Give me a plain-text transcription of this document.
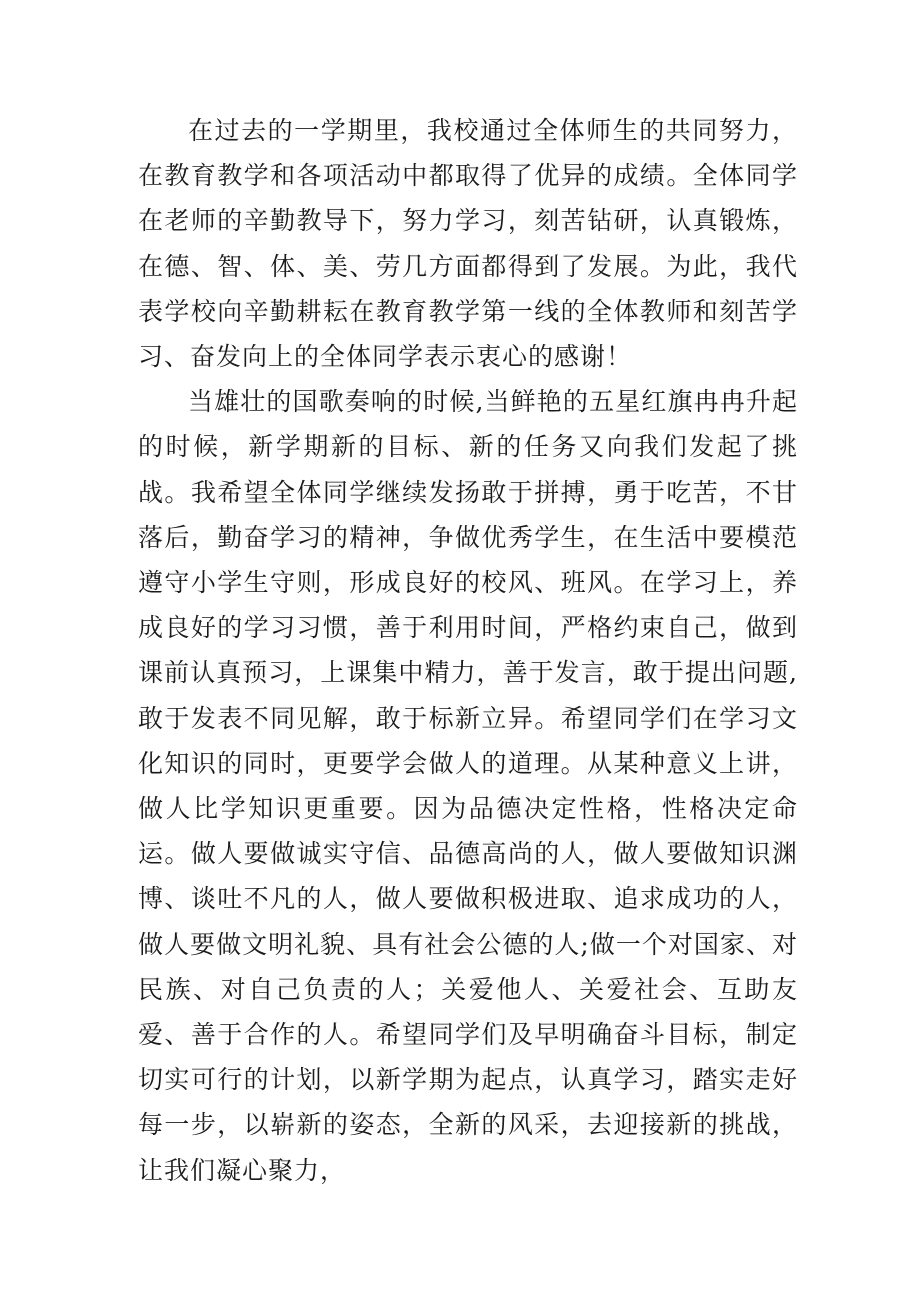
在过去的一学期里，我校通过全体师生的共同努力，在教育教学和各项活动中都取得了优异的成绩。全体同学在老师的辛勤教导下，努力学习，刻苦钻研，认真锻炼，在德、智、体、美、劳几方面都得到了发展。为此，我代表学校向辛勤耕耘在教育教学第一线的全体教师和刻苦学习、奋发向上的全体同学表示衷心的感谢！

当雄壮的国歌奏响的时候,当鲜艳的五星红旗冉冉升起的时候，新学期新的目标、新的任务又向我们发起了挑战。我希望全体同学继续发扬敢于拼搏，勇于吃苦，不甘落后，勤奋学习的精神，争做优秀学生，在生活中要模范遵守小学生守则，形成良好的校风、班风。在学习上，养成良好的学习习惯，善于利用时间，严格约束自己，做到课前认真预习，上课集中精力，善于发言，敢于提出问题,敢于发表不同见解，敢于标新立异。希望同学们在学习文化知识的同时，更要学会做人的道理。从某种意义上讲，做人比学知识更重要。因为品德决定性格，性格决定命运。做人要做诚实守信、品德高尚的人，做人要做知识渊博、谈吐不凡的人，做人要做积极进取、追求成功的人，做人要做文明礼貌、具有社会公德的人;做一个对国家、对民族、对自己负责的人；关爱他人、关爱社会、互助友爱、善于合作的人。希望同学们及早明确奋斗目标，制定切实可行的计划，以新学期为起点，认真学习，踏实走好每一步，以崭新的姿态，全新的风采，去迎接新的挑战，让我们凝心聚力，
